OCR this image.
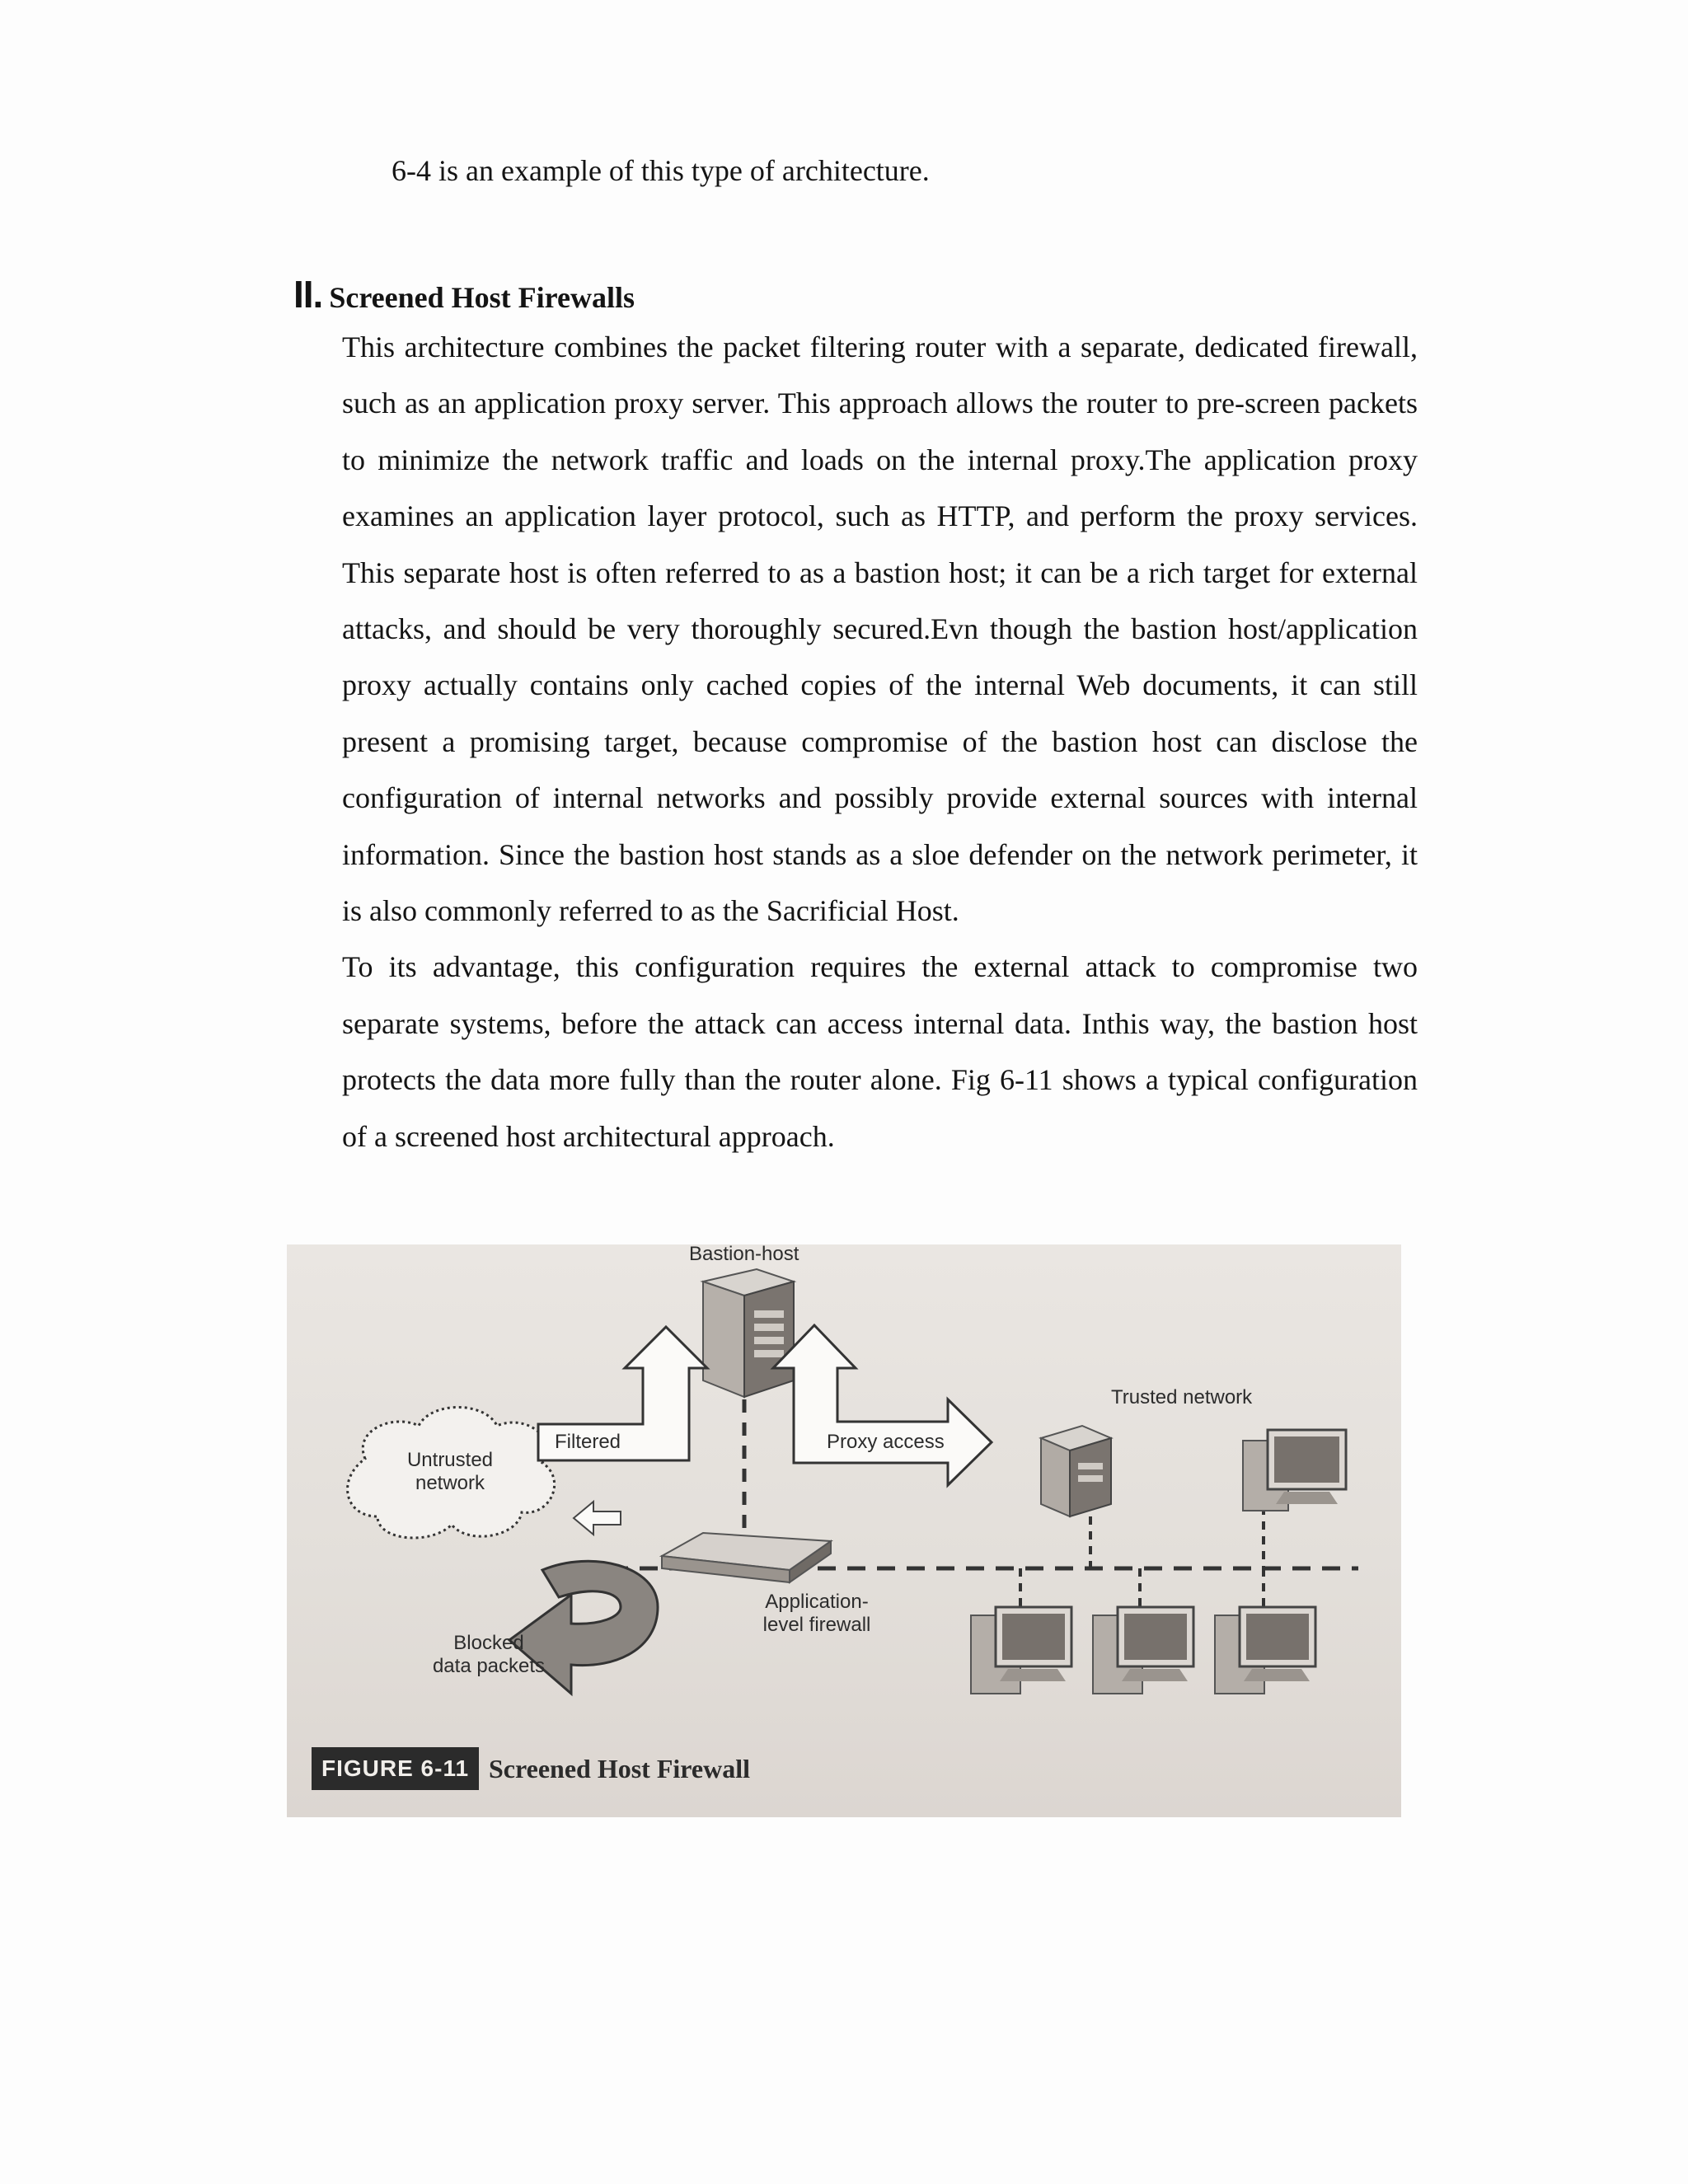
6-4 is an example of this type of architecture.

II. Screened Host Firewalls

This architecture combines the packet filtering router with a separate, dedicated firewall, such as an application proxy server. This approach allows the router to pre-screen packets to minimize the network traffic and loads on the internal proxy.The application proxy examines an application layer protocol, such as HTTP, and perform the proxy services. This separate host is often referred to as a bastion host; it can be a rich target for external attacks, and should be very thoroughly secured.Evn though the bastion host/application proxy actually contains only cached copies of the internal Web documents, it can still present a promising target, because compromise of the bastion host can disclose the configuration of internal networks and possibly provide external sources with internal information. Since the bastion host stands as a sloe defender on the network perimeter, it is also commonly referred to as the Sacrificial Host.

To its advantage, this configuration requires the external attack to compromise two separate systems, before the attack can access internal data. Inthis way, the bastion host protects the data more fully than the router alone. Fig 6-11 shows a typical configuration of a screened host architectural approach.

Bastion-host
Trusted network
Filtered	Proxy access
Untrusted
network
Application-
level firewall
Blocked
data packets
FIGURE 6-11 Screened Host Firewall
